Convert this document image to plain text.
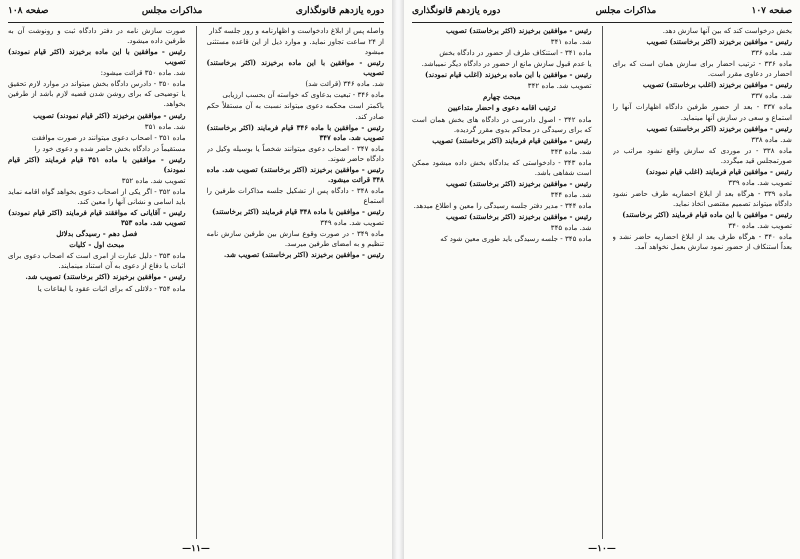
دوره یازدهم قانونگذاری
مذاکرات مجلس
صفحه ۱۰۸

واصله پس از ابلاغ دادخواست و اظهارنامه و روز جلسه گذار

از ۲۴ ساعت تجاوز نماید. و موارد ذیل از این قاعده مستثنی میشود

رئیس - موافقین با این ماده برخیزند (اکثر برخاستند) تصویب

شد. ماده ۳۴۶ (قرائت شد)

ماده ۳۴۶ - تبعیت بدعاوی که خواسته آن بحسب ارزیابی

باکمتر است محکمه دعوی میتواند نسبت به آن مستقلاً حکم صادر کند.

رئیس - موافقین با ماده ۳۴۶ قیام فرمایند (اکثر برخاستند) تصویب شد. ماده ۳۴۷

ماده ۳۴۷ - اصحاب دعوی میتوانند شخصاً یا بوسیله وکیل در دادگاه حاضر شوند.

رئیس - موافقین برخیزند (اکثر برخاستند) تصویب شد. ماده ۳۴۸ قرائت میشود.

ماده ۳۴۸ - دادگاه پس از تشکیل جلسه مذاکرات طرفین را استماع

رئیس - موافقین با ماده ۳۴۸ قیام فرمایند (اکثر برخاستند)

تصویب شد. ماده ۳۴۹

ماده ۳۴۹ - در صورت وقوع سازش بین طرفین سازش نامه تنظیم و به امضای طرفین میرسد.

رئیس - موافقین برخیزند (اکثر برخاستند) تصویب شد.

صورت سازش نامه در دفتر دادگاه ثبت و رونوشت آن به طرفین داده میشود.

رئیس - موافقین با این ماده برخیزند (اکثر قیام نمودند) تصویب

شد. ماده ۳۵۰ قرائت میشود:

ماده ۳۵۰ - دادرس دادگاه بخش میتواند در موارد لازم تحقیق یا توضیحی که برای روشن شدن قضیه لازم باشد از طرفین بخواهد.

رئیس - موافقین برخیزند (اکثر قیام نمودند) تصویب

شد. ماده ۳۵۱

ماده ۳۵۱ - اصحاب دعوی میتوانند در صورت موافقت

مستقیماً در دادگاه بخش حاضر شده و دعوی خود را

رئیس - موافقین با ماده ۳۵۱ قیام فرمایند (اکثر قیام نمودند)

تصویب شد. ماده ۳۵۲

ماده ۳۵۲ - اگر یکی از اصحاب دعوی بخواهد گواه اقامه نماید باید اسامی و نشانی آنها را معین کند.

رئیس - آقایانی که موافقند قیام فرمایند (اکثر قیام نمودند) تصویب شد. ماده ۳۵۳

فصل دهم - رسیدگی بدلائل

مبحث اول - کلیات

ماده ۳۵۳ - دلیل عبارت از امری است که اصحاب دعوی برای اثبات یا دفاع از دعوی به آن استناد مینمایند.

رئیس - موافقین برخیزند (اکثر برخاستند) تصویب شد.

ماده ۳۵۴ - دلائلی که برای اثبات عقود یا ایقاعات یا

—۱۱—
صفحه ۱۰۷
مذاکرات مجلس
دوره یازدهم قانونگذاری

بخش درخواست کند که بین آنها سازش دهد.

رئیس - موافقین برخیزند (اکثر برخاستند) تصویب

شد. ماده ۳۳۶

ماده ۳۳۶ - ترتیب احضار برای سازش همان است که برای احضار در دعاوی مقرر است.

رئیس - موافقین برخیزند (اغلب برخاستند) تصویب

شد. ماده ۳۳۷

ماده ۳۳۷ - بعد از حضور طرفین دادگاه اظهارات آنها را استماع و سعی در سازش آنها مینماید.

رئیس - موافقین برخیزند (اکثر برخاستند) تصویب

شد. ماده ۳۳۸

ماده ۳۳۸ - در موردی که سازش واقع نشود مراتب در صورتمجلس قید میگردد.

رئیس - موافقین قیام فرمایند (اغلب قیام نمودند)

تصویب شد. ماده ۳۳۹

ماده ۳۳۹ - هرگاه بعد از ابلاغ احضاریه طرف حاضر نشود دادگاه میتواند تصمیم مقتضی اتخاذ نماید.

رئیس - موافقین با این ماده قیام فرمایند (اکثر برخاستند)

تصویب شد. ماده ۳۴۰

ماده ۳۴۰ - هرگاه طرف بعد از ابلاغ احضاریه حاضر نشد و بعداً استنکاف از حضور نمود سازش بعمل نخواهد آمد.

رئیس - موافقین برخیزند (اکثر برخاستند) تصویب

شد. ماده ۳۴۱

ماده ۳۴۱ - استنکاف طرف از حضور در دادگاه بخش

یا عدم قبول سازش مانع از حضور در دادگاه دیگر نمیباشد.

رئیس - موافقین با این ماده برخیزند (اغلب قیام نمودند)

تصویب شد. ماده ۳۴۲

مبحث چهارم

ترتیب اقامه دعوی و احضار متداعیین

ماده ۳۴۲ - اصول دادرسی در دادگاه های بخش همان است که برای رسیدگی در محاکم بدوی مقرر گردیده.

رئیس - موافقین قیام فرمایند (اکثر برخاستند) تصویب

شد. ماده ۳۴۳

ماده ۳۴۳ - دادخواستی که بدادگاه بخش داده میشود ممکن است شفاهی باشد.

رئیس - موافقین برخیزند (اکثر برخاستند) تصویب

شد. ماده ۳۴۴

ماده ۳۴۴ - مدیر دفتر جلسه رسیدگی را معین و اطلاع میدهد.

رئیس - موافقین برخیزند (اکثر برخاستند) تصویب

شد. ماده ۳۴۵

ماده ۳۴۵ - جلسه رسیدگی باید طوری معین شود که

—۱۰—
